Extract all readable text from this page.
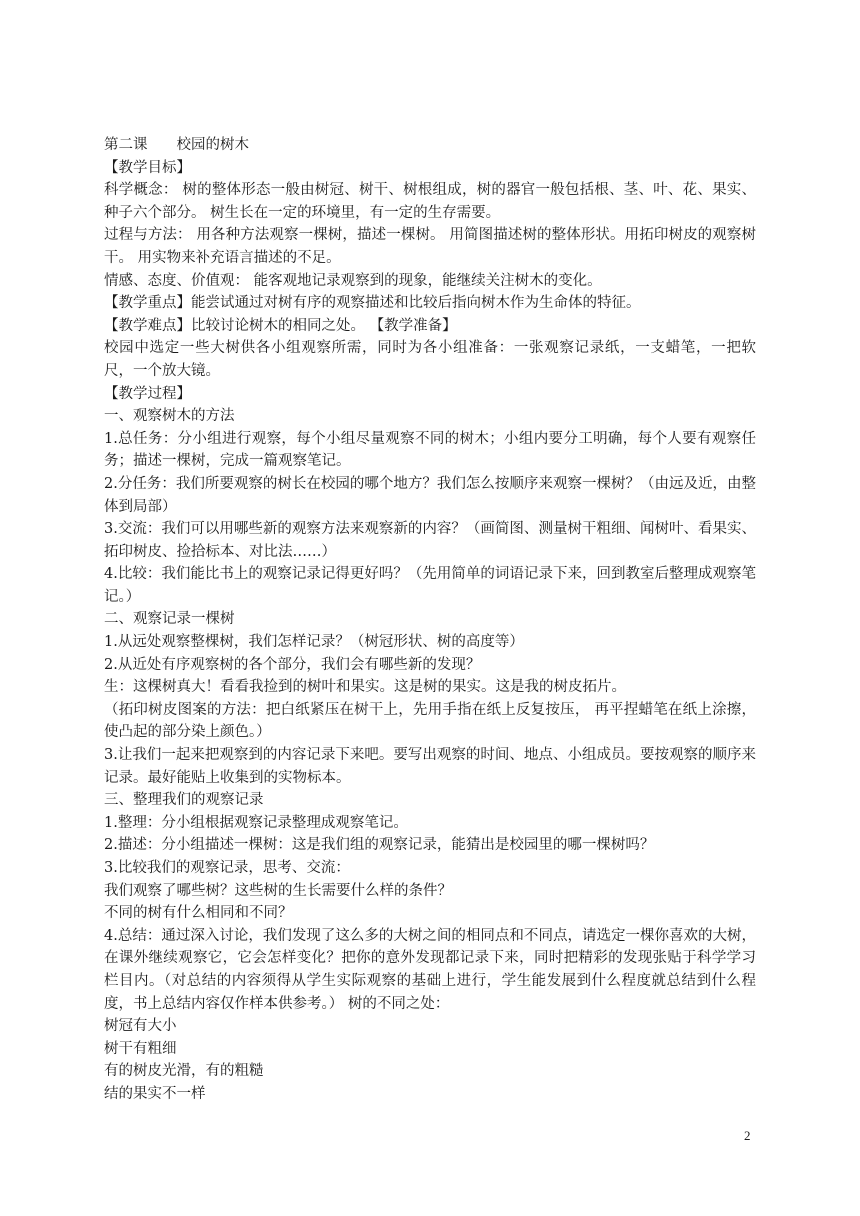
第二课　　校园的树木

【教学目标】

科学概念： 树的整体形态一般由树冠、树干、树根组成，树的器官一般包括根、茎、叶、花、果实、种子六个部分。 树生长在一定的环境里，有一定的生存需要。

过程与方法： 用各种方法观察一棵树，描述一棵树。 用简图描述树的整体形状。用拓印树皮的观察树干。 用实物来补充语言描述的不足。

情感、态度、价值观： 能客观地记录观察到的现象，能继续关注树木的变化。

【教学重点】能尝试通过对树有序的观察描述和比较后指向树木作为生命体的特征。

【教学难点】比较讨论树木的相同之处。 【教学准备】

校园中选定一些大树供各小组观察所需，同时为各小组准备：一张观察记录纸，一支蜡笔，一把软尺，一个放大镜。

【教学过程】

一、观察树木的方法

1.总任务：分小组进行观察，每个小组尽量观察不同的树木；小组内要分工明确，每个人要有观察任务；描述一棵树，完成一篇观察笔记。

2.分任务：我们所要观察的树长在校园的哪个地方？我们怎么按顺序来观察一棵树？（由远及近，由整体到局部）

3.交流：我们可以用哪些新的观察方法来观察新的内容？（画简图、测量树干粗细、闻树叶、看果实、拓印树皮、捡拾标本、对比法……）

4.比较：我们能比书上的观察记录记得更好吗？（先用简单的词语记录下来，回到教室后整理成观察笔记。）

二、观察记录一棵树

1.从远处观察整棵树，我们怎样记录？（树冠形状、树的高度等）

2.从近处有序观察树的各个部分，我们会有哪些新的发现？

生：这棵树真大！看看我捡到的树叶和果实。这是树的果实。这是我的树皮拓片。

（拓印树皮图案的方法：把白纸紧压在树干上，先用手指在纸上反复按压， 再平捏蜡笔在纸上涂擦，使凸起的部分染上颜色。）

3.让我们一起来把观察到的内容记录下来吧。要写出观察的时间、地点、小组成员。要按观察的顺序来记录。最好能贴上收集到的实物标本。

三、整理我们的观察记录

1.整理：分小组根据观察记录整理成观察笔记。

2.描述：分小组描述一棵树：这是我们组的观察记录，能猜出是校园里的哪一棵树吗？

3.比较我们的观察记录，思考、交流：

我们观察了哪些树？这些树的生长需要什么样的条件？

不同的树有什么相同和不同？

4.总结：通过深入讨论，我们发现了这么多的大树之间的相同点和不同点，请选定一棵你喜欢的大树，在课外继续观察它，它会怎样变化？把你的意外发现都记录下来，同时把精彩的发现张贴于科学学习栏目内。（对总结的内容须得从学生实际观察的基础上进行，学生能发展到什么程度就总结到什么程度，书上总结内容仅作样本供参考。） 树的不同之处：

树冠有大小

树干有粗细

有的树皮光滑，有的粗糙

结的果实不一样

2
